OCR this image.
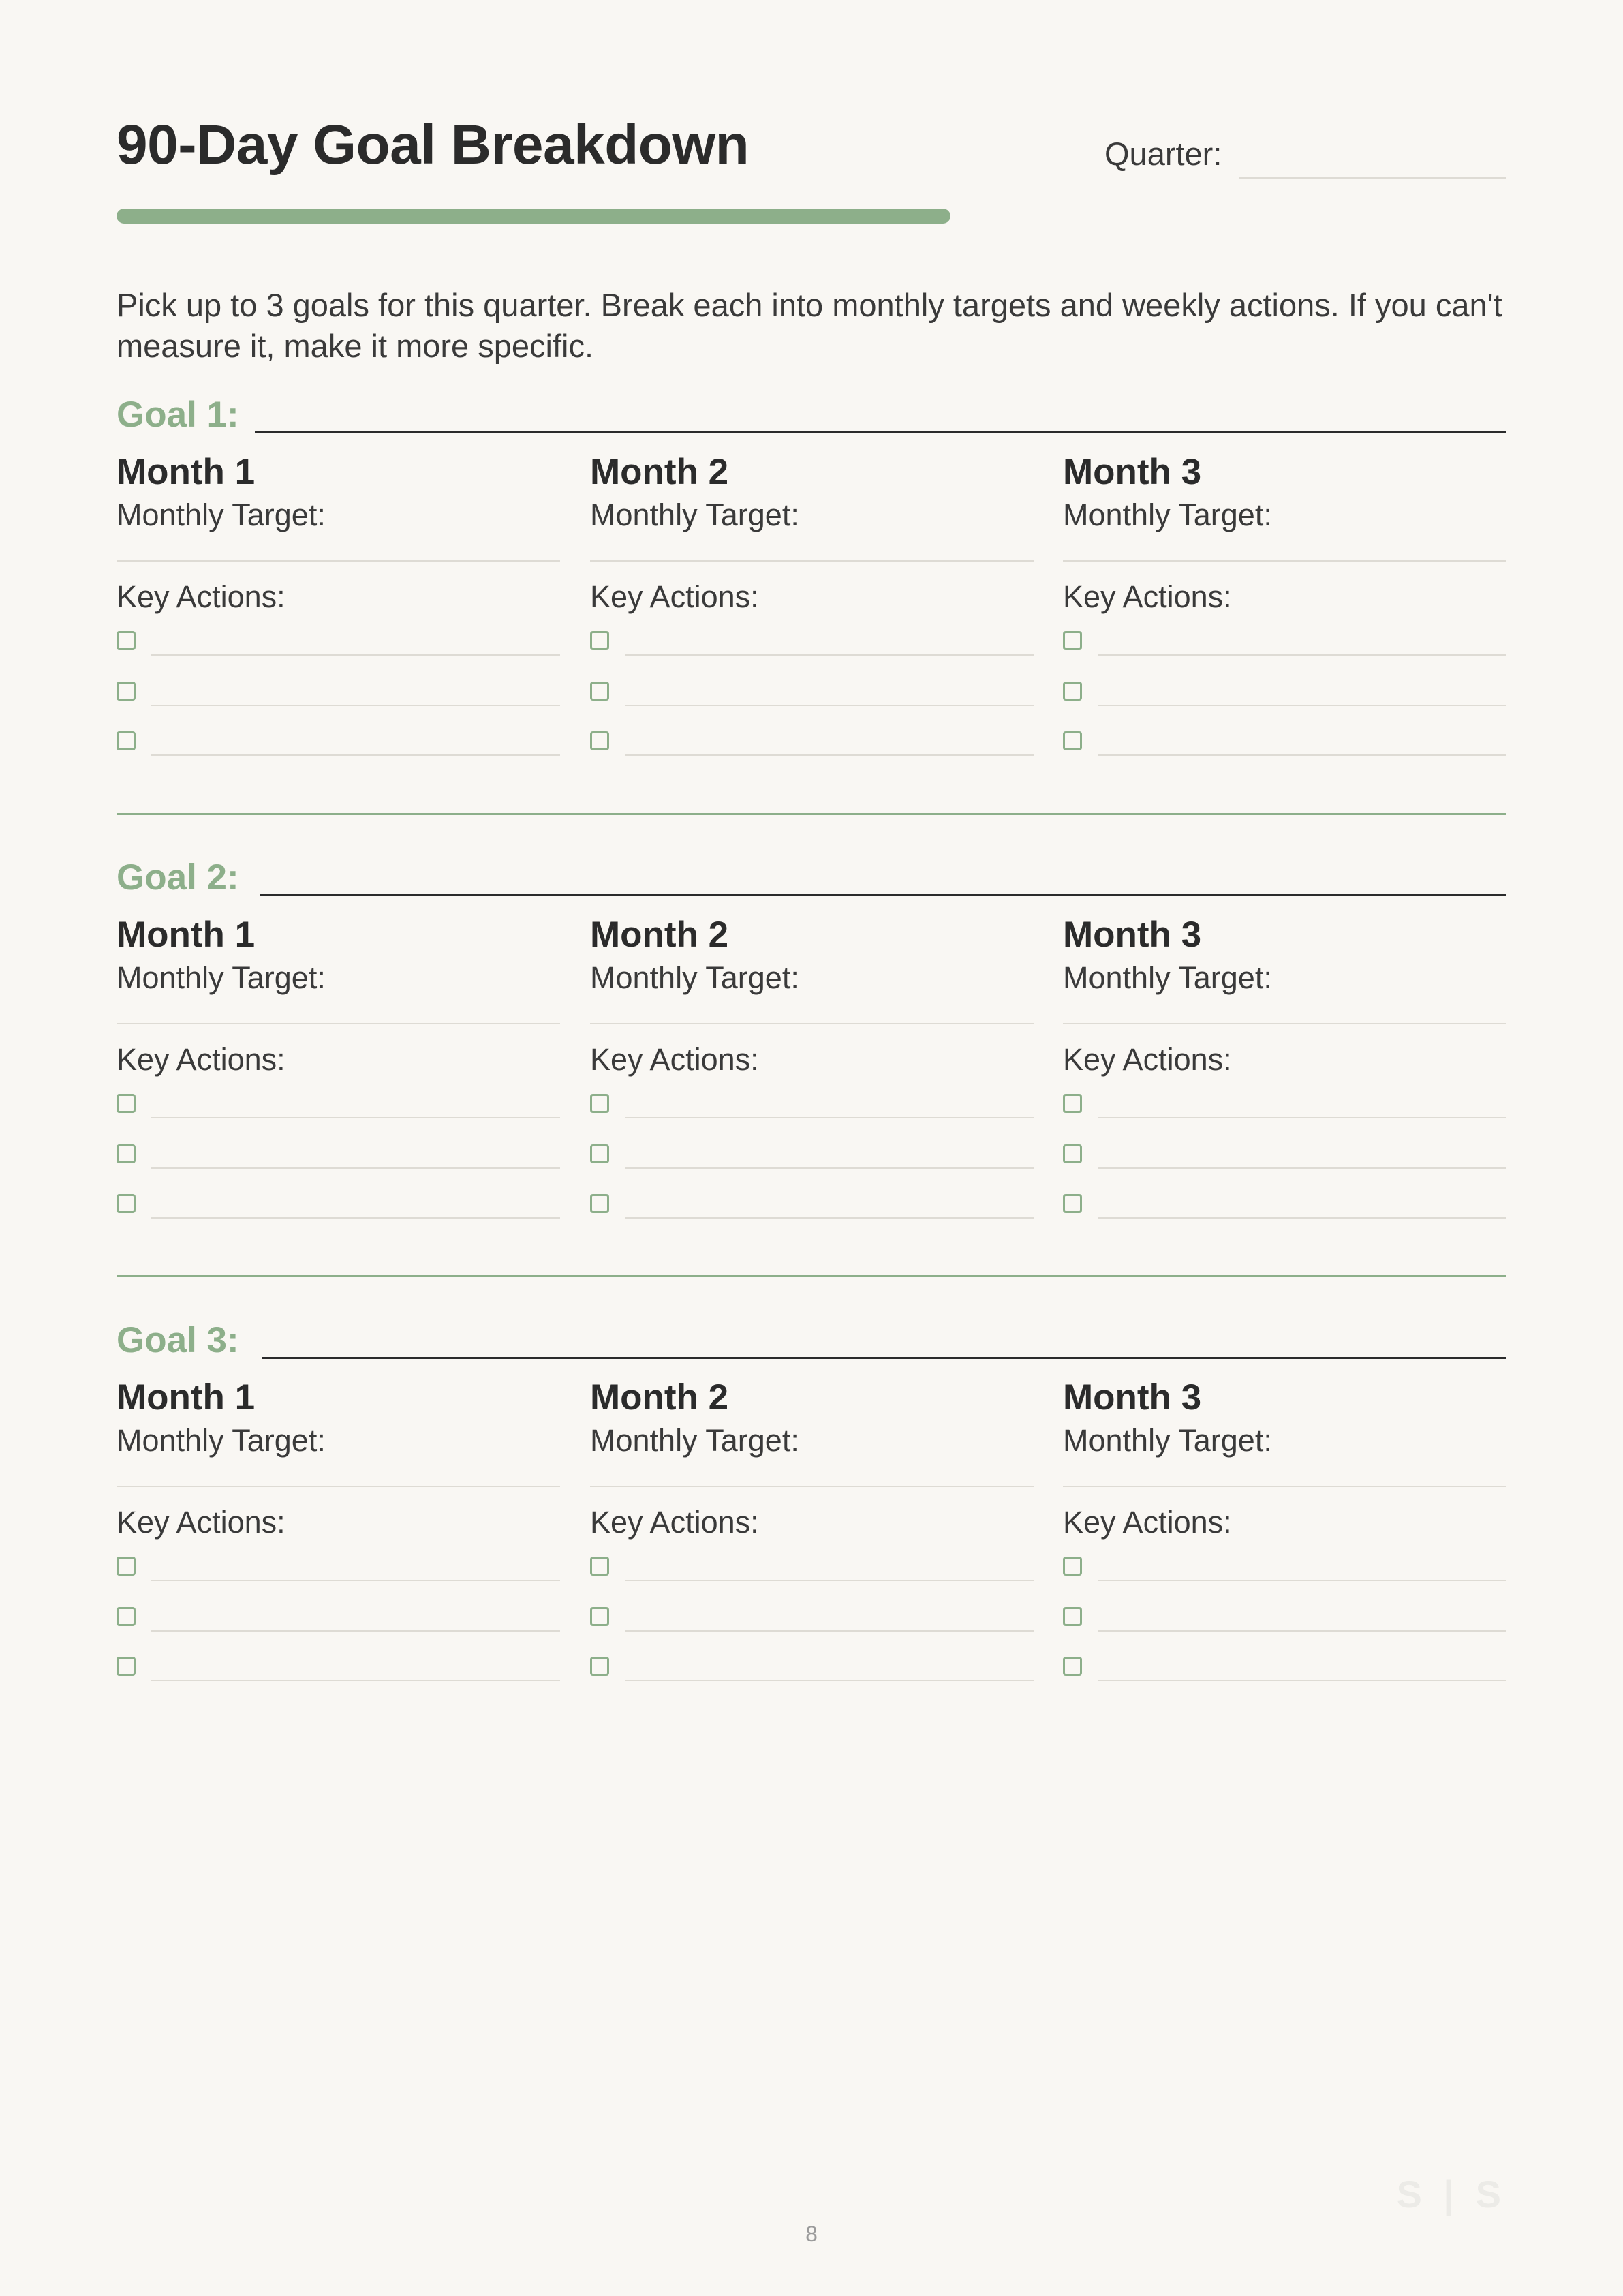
90-Day Goal Breakdown	Quarter:
Pick up to 3 goals for this quarter. Break each into monthly targets and weekly actions. If you can't measure it, make it more specific.
Goal 1:
Month 1
Monthly Target:
Key Actions:
Month 2
Monthly Target:
Key Actions:
Month 3
Monthly Target:
Key Actions:
Goal 2:
Month 1
Monthly Target:
Key Actions:
Month 2
Monthly Target:
Key Actions:
Month 3
Monthly Target:
Key Actions:
Goal 3:
Month 1
Monthly Target:
Key Actions:
Month 2
Monthly Target:
Key Actions:
Month 3
Monthly Target:
Key Actions:
S | S
8
